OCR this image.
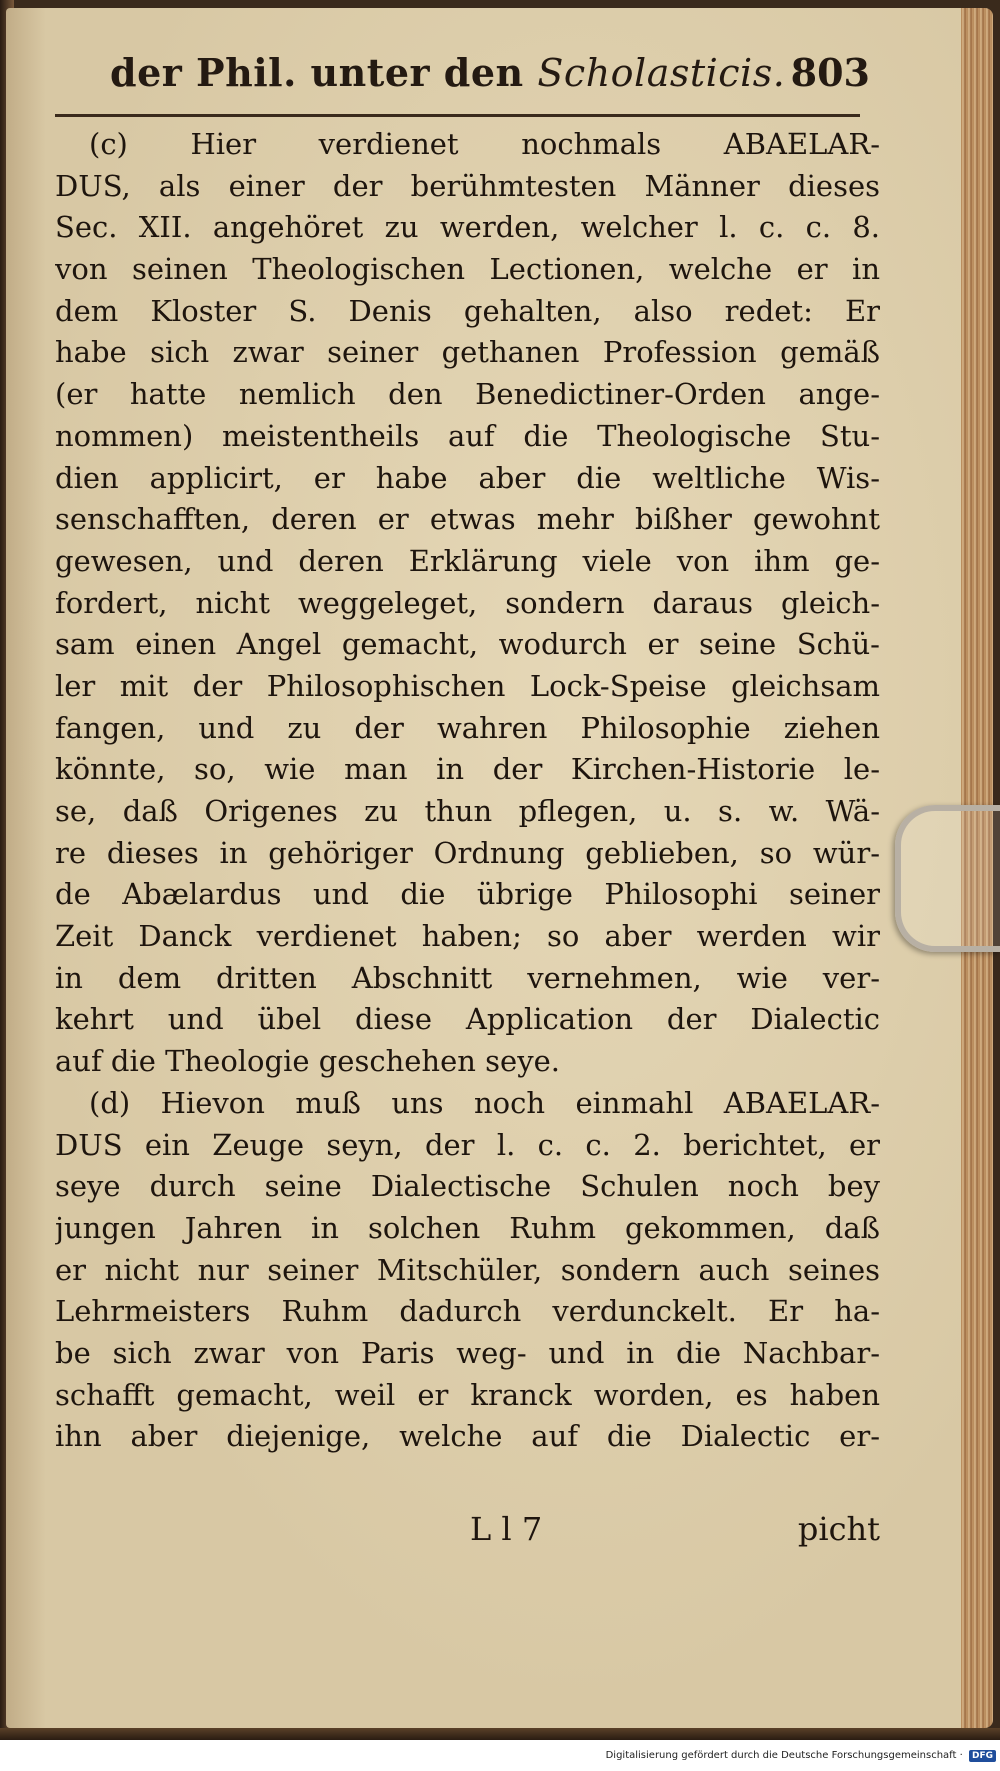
der Phil. unter den Scholasticis. 803
(c) Hier verdienet nochmals ABAELAR-
DUS, als einer der berühmtesten Männer dieses
Sec. XII. angehöret zu werden, welcher l. c. c. 8.
von seinen Theologischen Lectionen, welche er in
dem Kloster S. Denis gehalten, also redet: Er
habe sich zwar seiner gethanen Profession gemäß
(er hatte nemlich den Benedictiner-Orden ange-
nommen) meistentheils auf die Theologische Stu-
dien applicirt, er habe aber die weltliche Wis-
senschafften, deren er etwas mehr bißher gewohnt
gewesen, und deren Erklärung viele von ihm ge-
fordert, nicht weggeleget, sondern daraus gleich-
sam einen Angel gemacht, wodurch er seine Schü-
ler mit der Philosophischen Lock-Speise gleichsam
fangen, und zu der wahren Philosophie ziehen
könnte, so, wie man in der Kirchen-Historie le-
se, daß Origenes zu thun pflegen, u. s. w. Wä-
re dieses in gehöriger Ordnung geblieben, so wür-
de Abælardus und die übrige Philosophi seiner
Zeit Danck verdienet haben; so aber werden wir
in dem dritten Abschnitt vernehmen, wie ver-
kehrt und übel diese Application der Dialectic
auf die Theologie geschehen seye.
(d) Hievon muß uns noch einmahl ABAELAR-
DUS ein Zeuge seyn, der l. c. c. 2. berichtet, er
seye durch seine Dialectische Schulen noch bey
jungen Jahren in solchen Ruhm gekommen, daß
er nicht nur seiner Mitschüler, sondern auch seines
Lehrmeisters Ruhm dadurch verdunckelt. Er ha-
be sich zwar von Paris weg- und in die Nachbar-
schafft gemacht, weil er kranck worden, es haben
ihn aber diejenige, welche auf die Dialectic er-
L l 7	picht
Digitalisierung gefördert durch die Deutsche Forschungsgemeinschaft · DFG
